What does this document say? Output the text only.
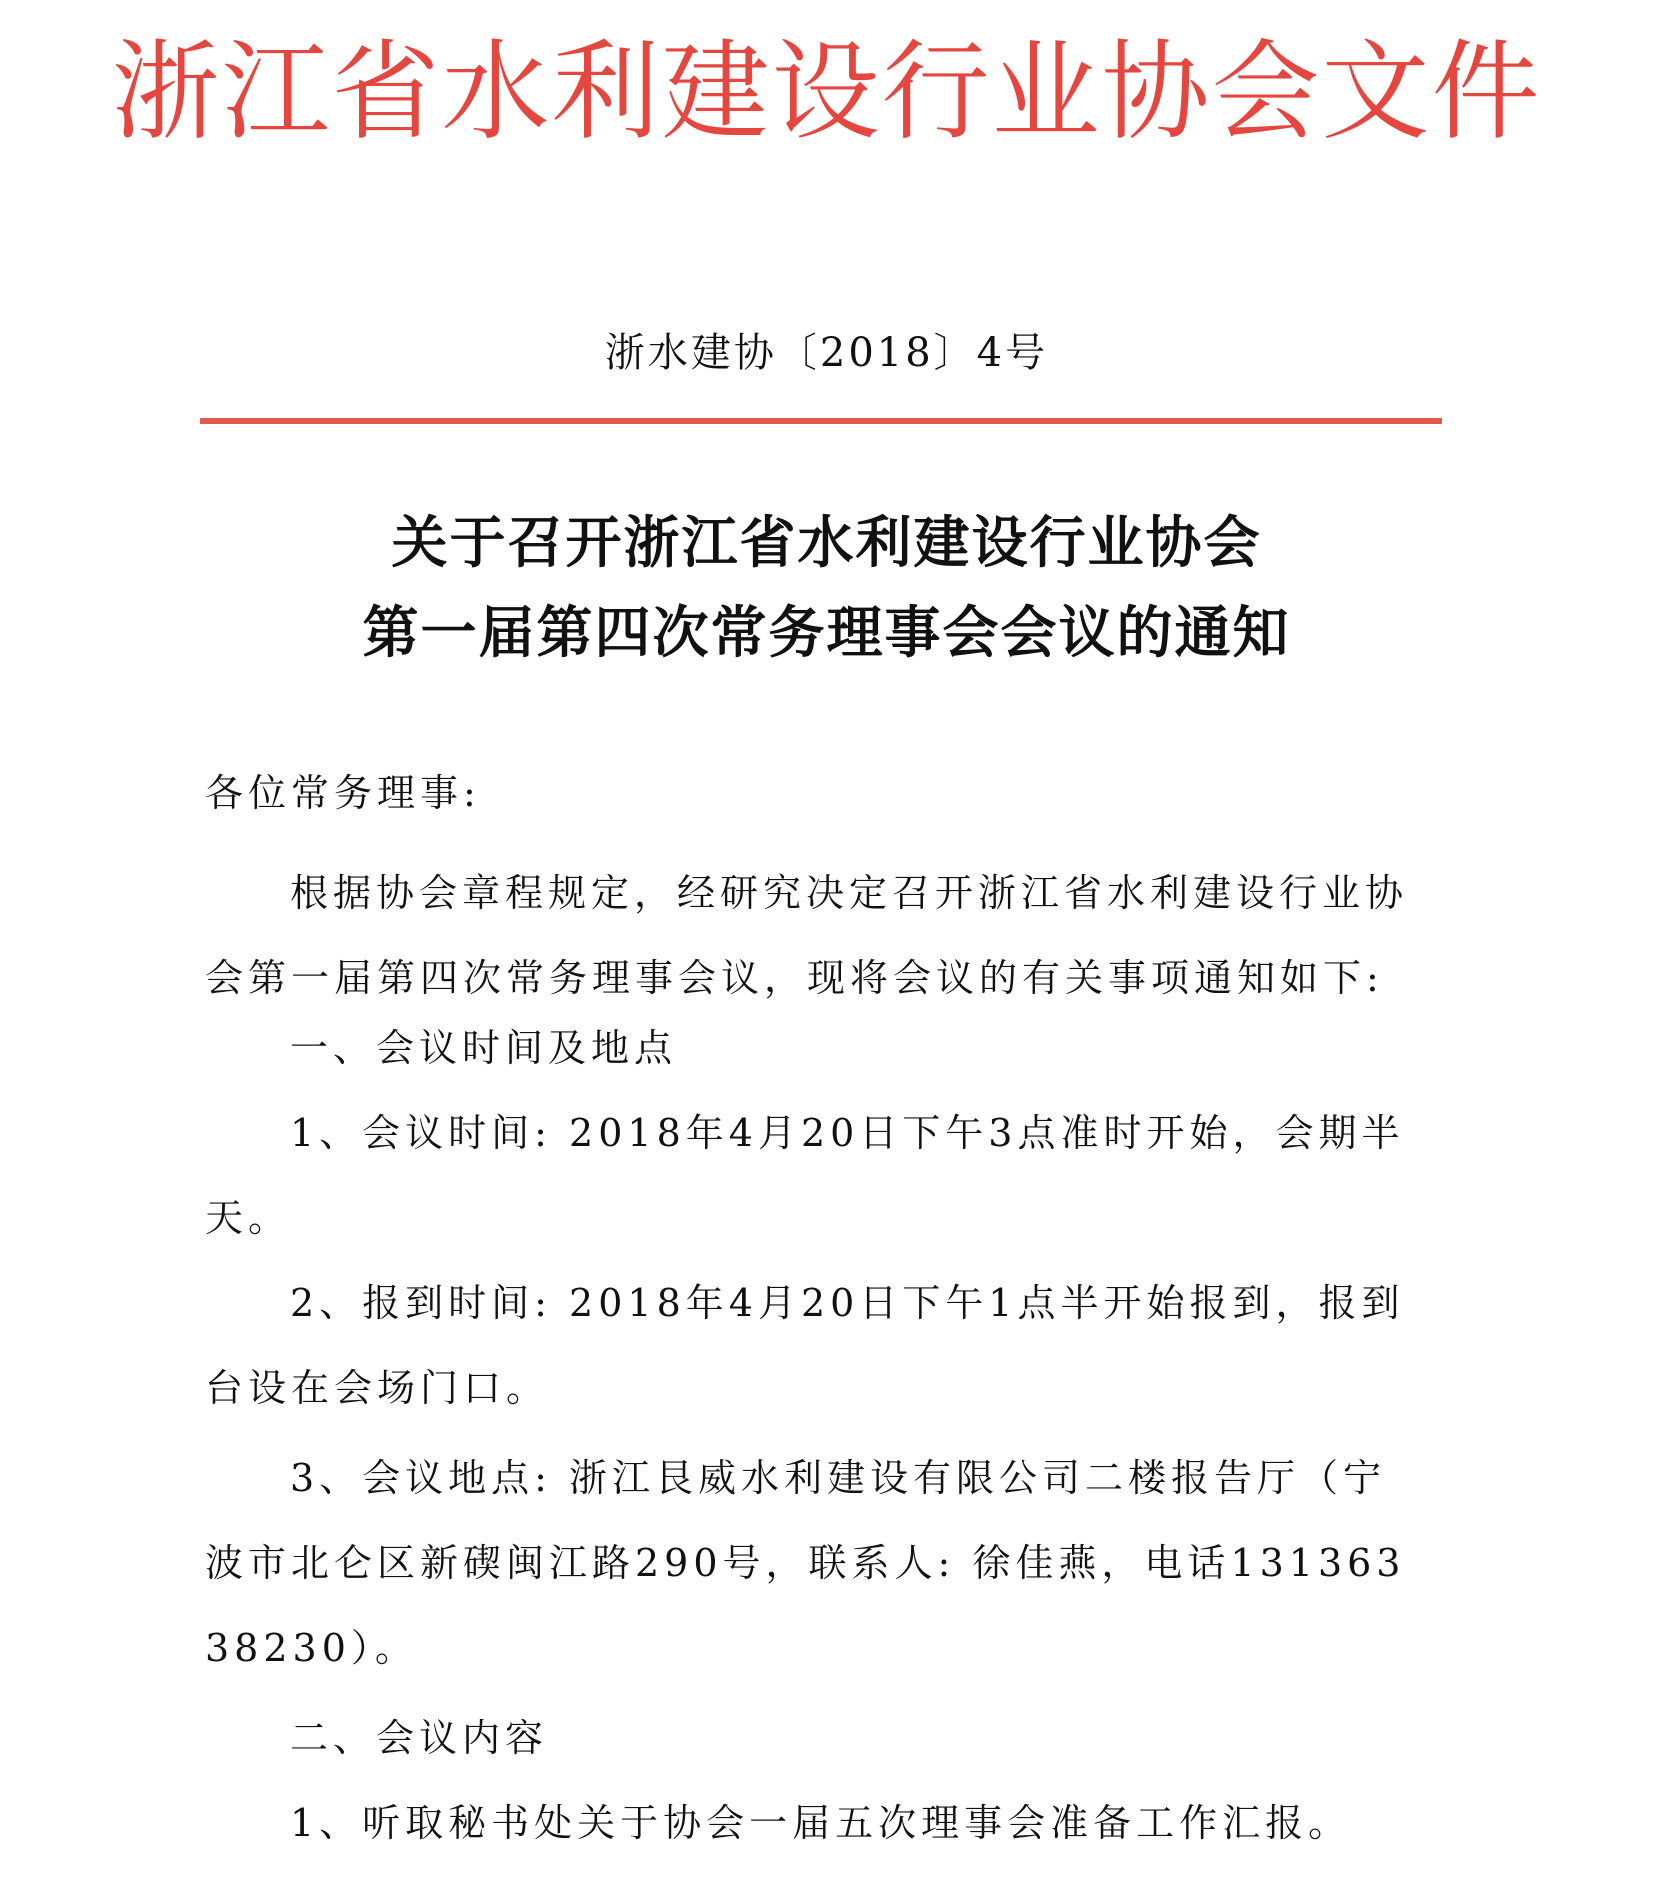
浙江省水利建设行业协会文件
浙水建协〔2018〕4号
关于召开浙江省水利建设行业协会
第一届第四次常务理事会会议的通知
各位常务理事:
根据协会章程规定，经研究决定召开浙江省水利建设行业协
会第一届第四次常务理事会议，现将会议的有关事项通知如下:
一、会议时间及地点
1、会议时间: 2018年4月20日下午3点准时开始，会期半
天。
2、报到时间: 2018年4月20日下午1点半开始报到，报到
台设在会场门口。
3、会议地点: 浙江艮威水利建设有限公司二楼报告厅（宁
波市北仑区新碶闽江路290号，联系人: 徐佳燕，电话131363
38230）。
二、会议内容
1、听取秘书处关于协会一届五次理事会准备工作汇报。
